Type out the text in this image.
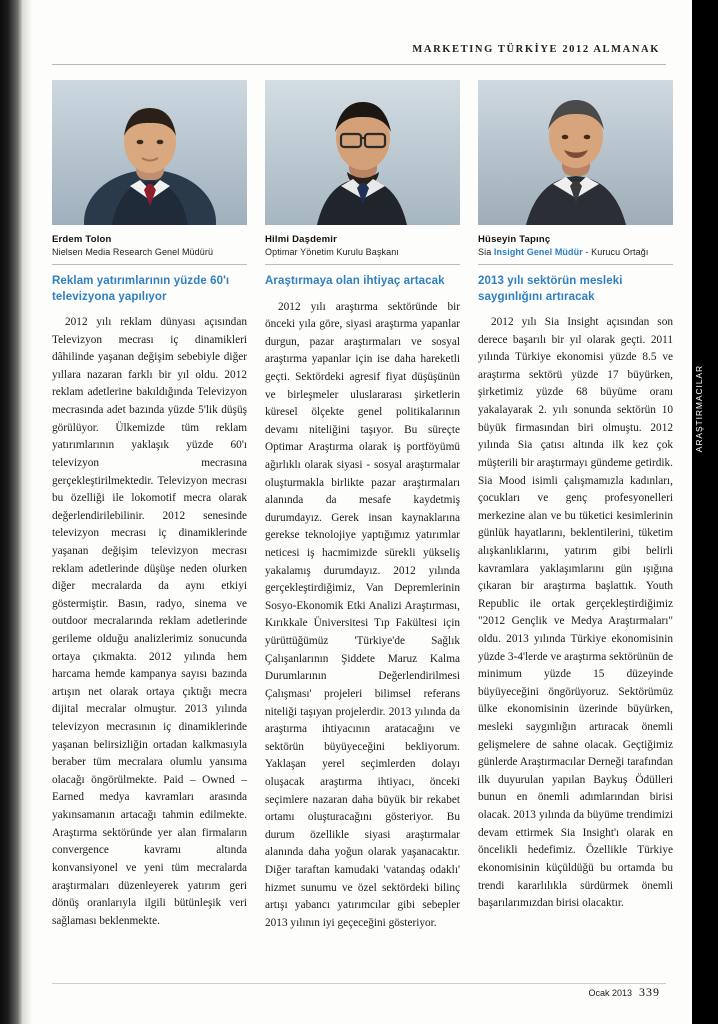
ARAŞTIRMACILAR
MARKETING TÜRKİYE 2012 ALMANAK
Erdem Tolon
Nielsen Media Research Genel Müdürü
Reklam yatırımlarının yüzde 60'ı televizyona yapılıyor
2012 yılı reklam dünyası açısından Televizyon mecrası iç dinamikleri dâhilinde yaşanan değişim sebebiyle diğer yıllara nazaran farklı bir yıl oldu. 2012 reklam adetlerine bakıldığında Televizyon mecrasında adet bazında yüzde 5'lik düşüş görülüyor. Ülkemizde tüm reklam yatırımlarının yaklaşık yüzde 60'ı televizyon mecrasına gerçekleştirilmektedir. Televizyon mecrası bu özelliği ile lokomotif mecra olarak değerlendirilebilinir. 2012 senesinde televizyon mecrası iç dinamiklerinde yaşanan değişim televizyon mecrası reklam adetlerinde düşüşe neden olurken diğer mecralarda da aynı etkiyi göstermiştir. Basın, radyo, sinema ve outdoor mecralarında reklam adetlerinde gerileme olduğu analizlerimiz sonucunda ortaya çıkmakta. 2012 yılında hem harcama hemde kampanya sayısı bazında artışın net olarak ortaya çıktığı mecra dijital mecralar olmuştur. 2013 yılında televizyon mecrasının iç dinamiklerinde yaşanan belirsizliğin ortadan kalkmasıyla beraber tüm mecralara olumlu yansıma olacağı öngörülmekte. Paid – Owned – Earned medya kavramları arasında yakınsamanın artacağı tahmin edilmekte. Araştırma sektöründe yer alan firmaların convergence kavramı altında konvansiyonel ve yeni tüm mecralarda araştırmaları düzenleyerek yatırım geri dönüş oranlarıyla ilgili bütünleşik veri sağlaması beklenmekte.
Hilmi Daşdemir
Optimar Yönetim Kurulu Başkanı
Araştırmaya olan ihtiyaç artacak
2012 yılı araştırma sektöründe bir önceki yıla göre, siyasi araştırma yapanlar durgun, pazar araştırmaları ve sosyal araştırma yapanlar için ise daha hareketli geçti. Sektördeki agresif fiyat düşüşünün ve birleşmeler uluslararası şirketlerin küresel ölçekte genel politikalarının devamı niteliğini taşıyor. Bu süreçte Optimar Araştırma olarak iş portföyümü ağırlıklı olarak siyasi - sosyal araştırmalar oluşturmakla birlikte pazar araştırmaları alanında da mesafe kaydetmiş durumdayız. Gerek insan kaynaklarına gerekse teknolojiye yaptığımız yatırımlar neticesi iş hacmimizde sürekli yükseliş yakalamış durumdayız. 2012 yılında gerçekleştirdiğimiz, Van Depremlerinin Sosyo-Ekonomik Etki Analizi Araştırması, Kırıkkale Üniversitesi Tıp Fakültesi için yürüttüğümüz 'Türkiye'de Sağlık Çalışanlarının Şiddete Maruz Kalma Durumlarının Değerlendirilmesi Çalışması' projeleri bilimsel referans niteliği taşıyan projelerdir. 2013 yılında da araştırma ihtiyacının aratacağını ve sektörün büyüyeceğini bekliyorum. Yaklaşan yerel seçimlerden dolayı oluşacak araştırma ihtiyacı, önceki seçimlere nazaran daha büyük bir rekabet ortamı oluşturacağını gösteriyor. Bu durum özellikle siyasi araştırmalar alanında daha yoğun olarak yaşanacaktır. Diğer taraftan kamudaki 'vatandaş odaklı' hizmet sunumu ve özel sektördeki bilinç artışı yabancı yatırımcılar gibi sebepler 2013 yılının iyi geçeceğini gösteriyor.
Hüseyin Tapınç
Sia Insight Genel Müdür - Kurucu Ortağı
2013 yılı sektörün mesleki saygınlığını artıracak
2012 yılı Sia Insight açısından son derece başarılı bir yıl olarak geçti. 2011 yılında Türkiye ekonomisi yüzde 8.5 ve araştırma sektörü yüzde 17 büyürken, şirketimiz yüzde 68 büyüme oranı yakalayarak 2. yılı sonunda sektörün 10 büyük firmasından biri olmuştu. 2012 yılında Sia çatısı altında ilk kez çok müşterili bir araştırmayı gündeme getirdik. Sia Mood isimli çalışmamızla kadınları, çocukları ve genç profesyonelleri merkezine alan ve bu tüketici kesimlerinin günlük hayatlarını, beklentilerini, tüketim alışkanlıklarını, yatırım gibi belirli kavramlara yaklaşımlarını gün ışığına çıkaran bir araştırma başlattık. Youth Republic ile ortak gerçekleştirdiğimiz "2012 Gençlik ve Medya Araştırmaları" oldu. 2013 yılında Türkiye ekonomisinin yüzde 3-4'lerde ve araştırma sektörünün de minimum yüzde 15 düzeyinde büyüyeceğini öngörüyoruz. Sektörümüz ülke ekonomisinin üzerinde büyürken, mesleki saygınlığın artıracak önemli gelişmelere de sahne olacak. Geçtiğimiz günlerde Araştırmacılar Derneği tarafından ilk duyurulan yapılan Baykuş Ödülleri bunun en önemli adımlarından birisi olacak. 2013 yılında da büyüme trendimizi devam ettirmek Sia Insight'ı olarak en öncelikli hedefimiz. Özellikle Türkiye ekonomisinin küçüldüğü bu ortamda bu trendi kararlılıkla sürdürmek önemli başarılarımızdan birisi olacaktır.
Ocak 2013 339
